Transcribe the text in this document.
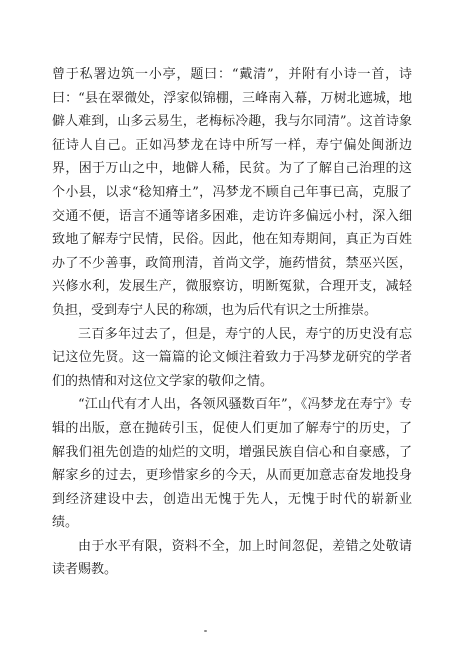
曾于私署边筑一小亭，题曰：“戴清”，并附有小诗一首，诗曰：“县在翠微处，浮家似锦棚，三峰南入幕，万树北遮城，地僻人难到，山多云易生，老梅标冷趣，我与尔同清”。这首诗象征诗人自己。正如冯梦龙在诗中所写一样，寿宁偏处闽浙边界，困于万山之中，地僻人稀，民贫。为了了解自己治理的这个小县，以求“稔知瘠土”，冯梦龙不顾自己年事已高，克服了交通不便，语言不通等诸多困难，走访许多偏远小村，深入细致地了解寿宁民情，民俗。因此，他在知寿期间，真正为百姓办了不少善事，政简刑清，首尚文学，施药惜贫，禁巫兴医，兴修水利，发展生产，微服察访，明断冤狱，合理开支，减轻负担，受到寿宁人民的称颂，也为后代有识之士所推崇。

三百多年过去了，但是，寿宁的人民，寿宁的历史没有忘记这位先贤。这一篇篇的论文倾注着致力于冯梦龙研究的学者们的热情和对这位文学家的敬仰之情。

“江山代有才人出，各领风骚数百年”，《冯梦龙在寿宁》专辑的出版，意在抛砖引玉，促使人们更加了解寿宁的历史，了解我们祖先创造的灿烂的文明，增强民族自信心和自豪感，了解家乡的过去，更珍惜家乡的今天，从而更加意志奋发地投身到经济建设中去，创造出无愧于先人，无愧于时代的崭新业绩。

由于水平有限，资料不全，加上时间忽促，差错之处敬请读者赐教。
